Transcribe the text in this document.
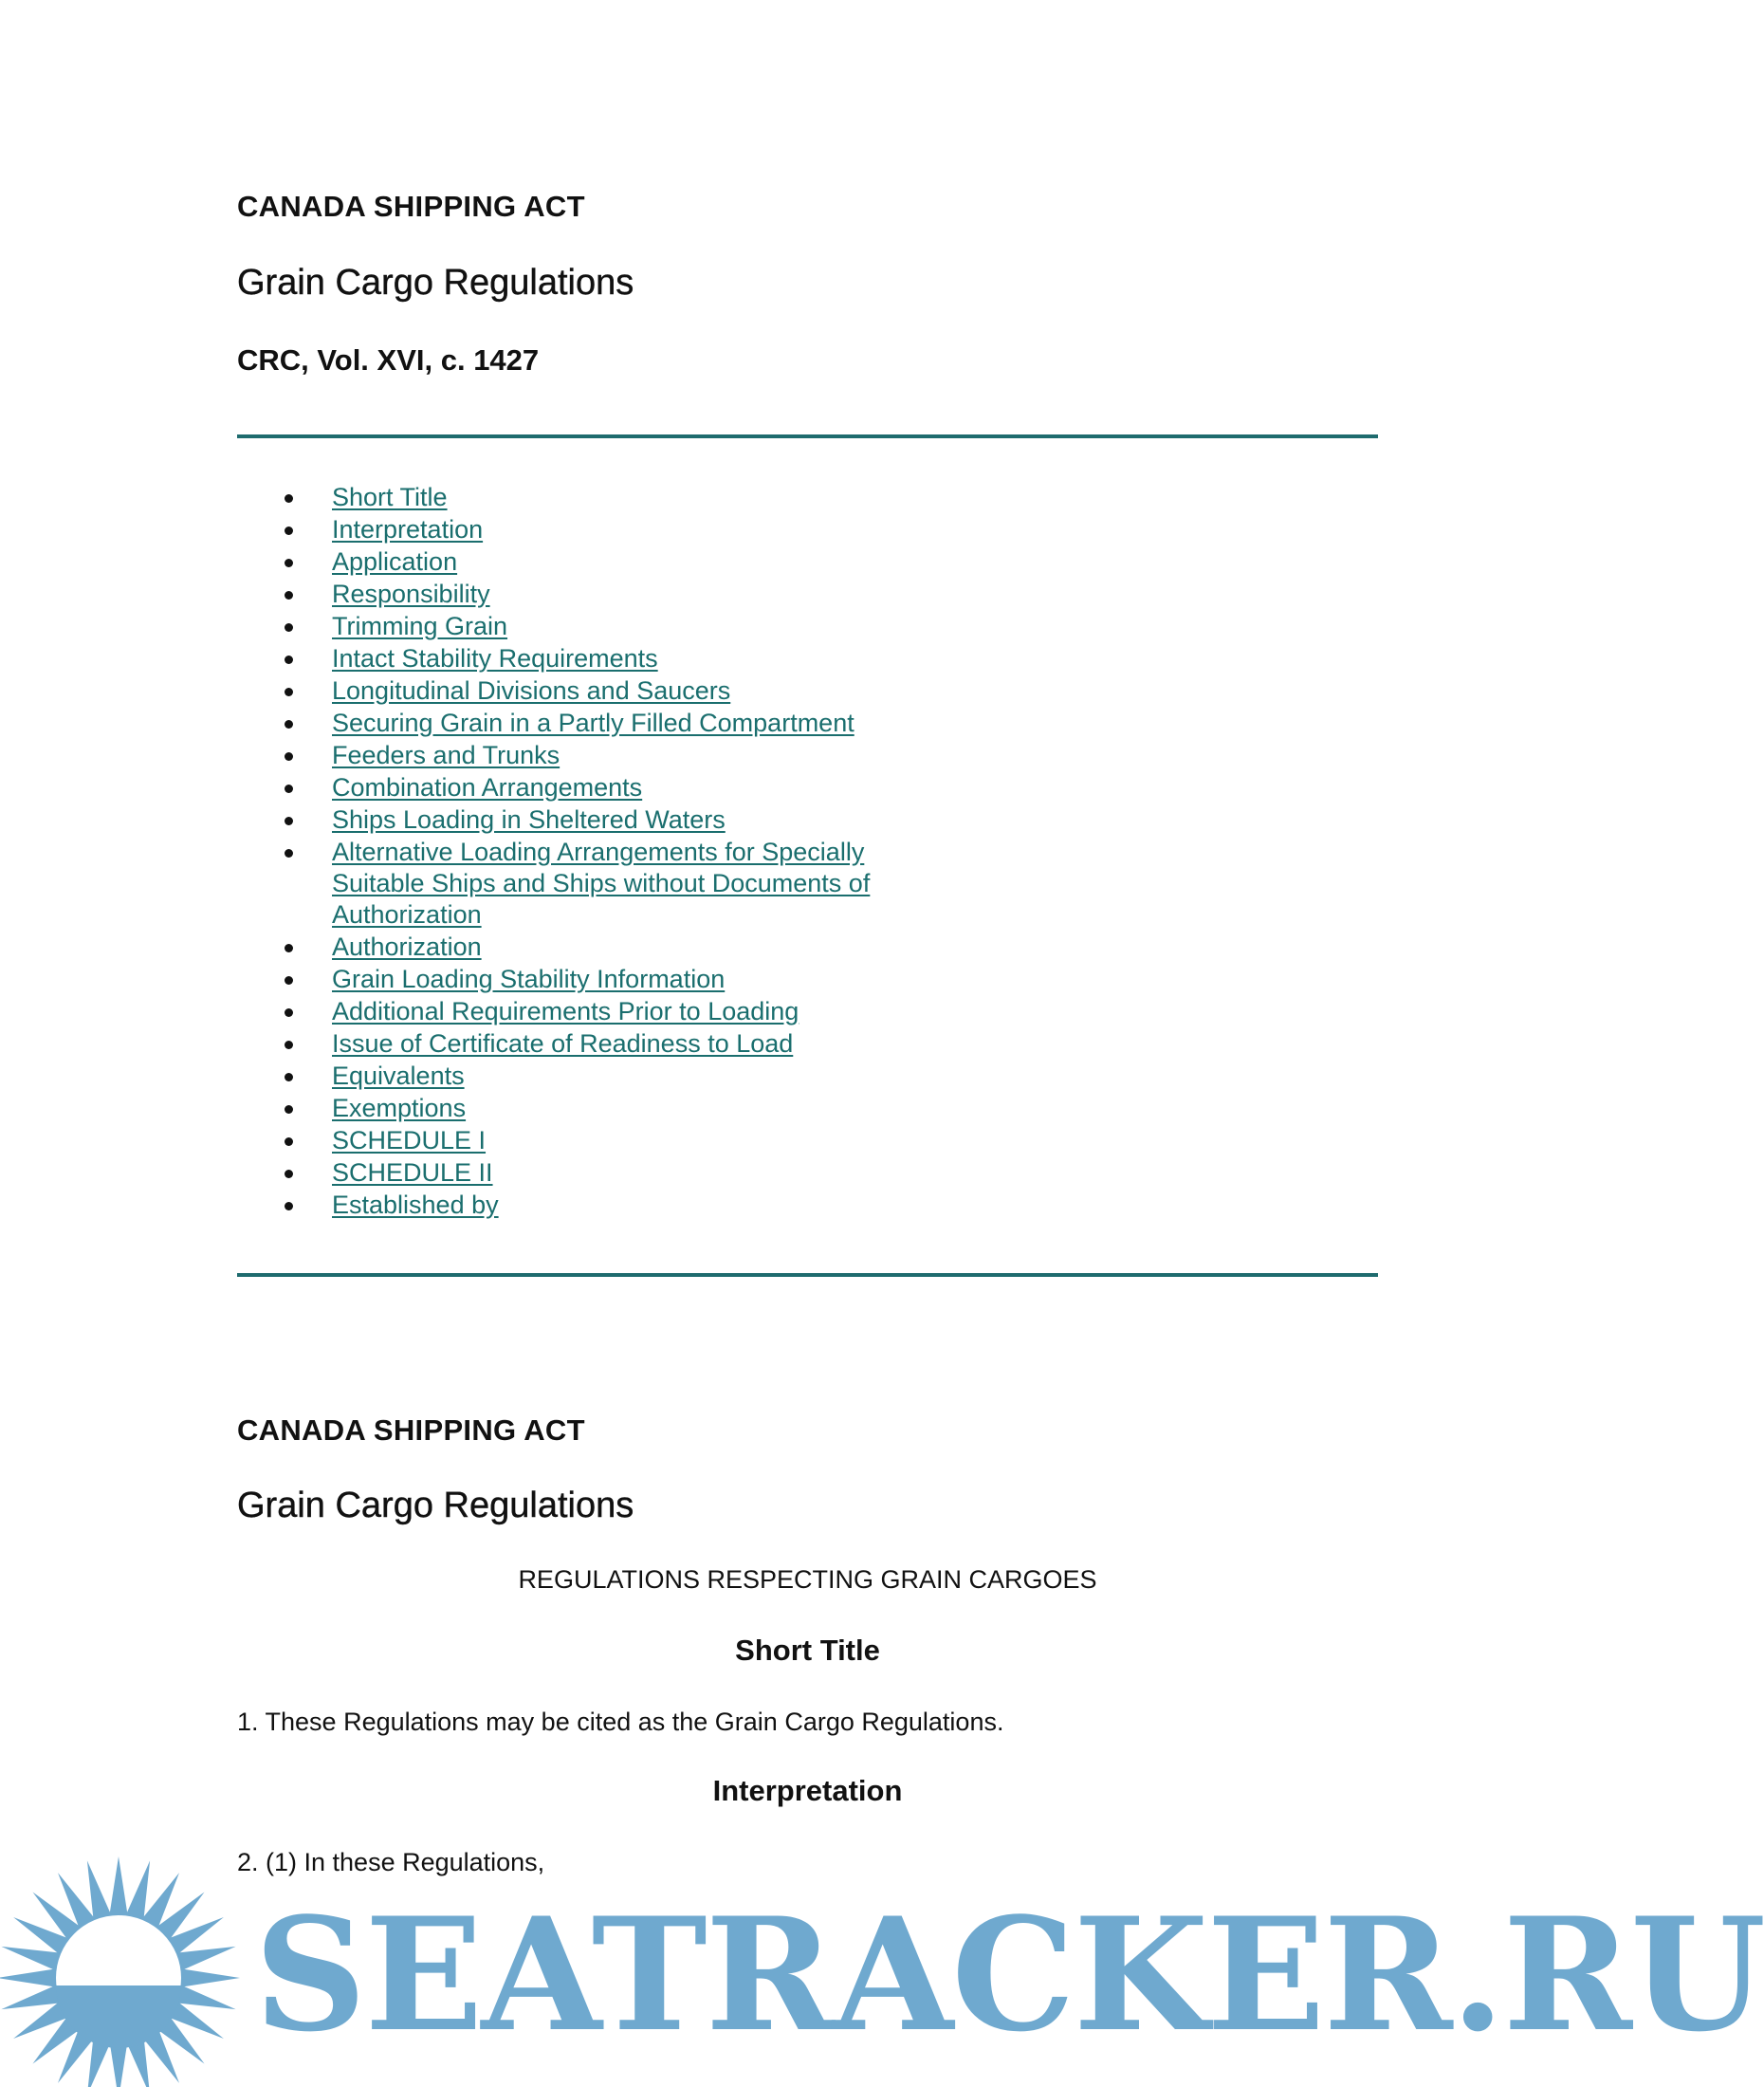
CANADA SHIPPING ACT
Grain Cargo Regulations
CRC, Vol. XVI, c. 1427
Short Title
Interpretation
Application
Responsibility
Trimming Grain
Intact Stability Requirements
Longitudinal Divisions and Saucers
Securing Grain in a Partly Filled Compartment
Feeders and Trunks
Combination Arrangements
Ships Loading in Sheltered Waters
Alternative Loading Arrangements for Specially Suitable Ships and Ships without Documents of Authorization
Authorization
Grain Loading Stability Information
Additional Requirements Prior to Loading
Issue of Certificate of Readiness to Load
Equivalents
Exemptions
SCHEDULE I
SCHEDULE II
Established by
CANADA SHIPPING ACT
Grain Cargo Regulations

REGULATIONS RESPECTING GRAIN CARGOES

Short Title

1. These Regulations may be cited as the Grain Cargo Regulations.

Interpretation

2. (1) In these Regulations,

SEATRACKER.RU
